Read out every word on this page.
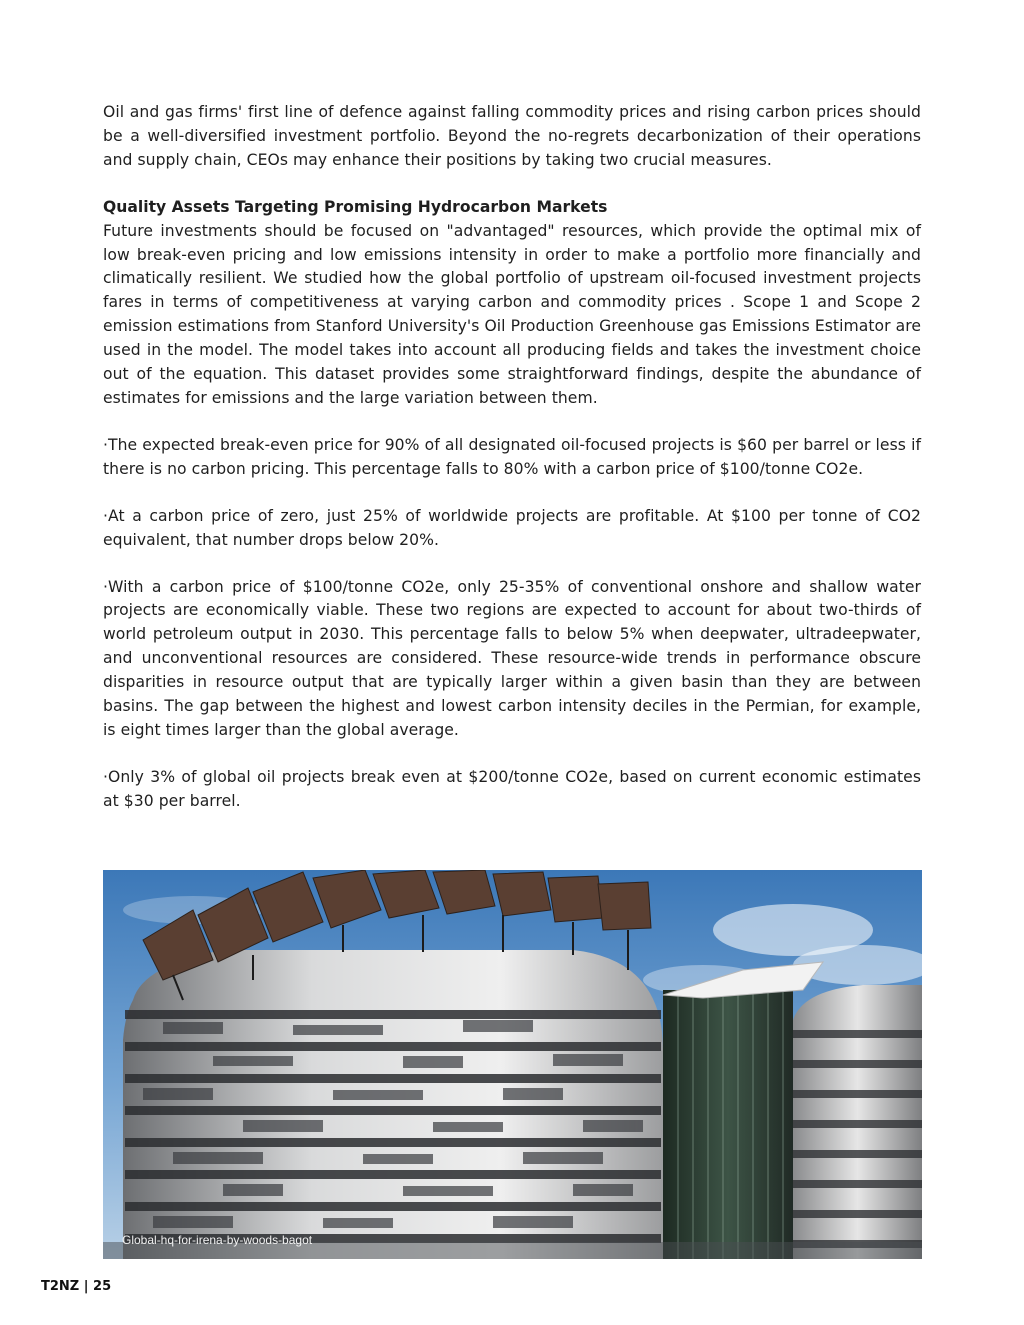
Oil and gas firms' first line of defence against falling commodity prices and rising carbon prices should be a well-diversified investment portfolio. Beyond the no-regrets decarbonization of their operations and supply chain, CEOs may enhance their positions by taking two crucial measures.

Quality Assets Targeting Promising Hydrocarbon Markets

Future investments should be focused on "advantaged" resources, which provide the optimal mix of low break-even pricing and low emissions intensity in order to make a portfolio more financially and climatically resilient. We studied how the global portfolio of upstream oil-focused investment projects fares in terms of competitiveness at varying carbon and commodity prices . Scope 1 and Scope 2 emission estimations from Stanford University's Oil Production Greenhouse gas Emissions Estimator are used in the model. The model takes into account all producing fields and takes the investment choice out of the equation. This dataset provides some straightforward findings, despite the abundance of estimates for emissions and the large variation between them.

·The expected break-even price for 90% of all designated oil-focused projects is $60 per barrel or less if there is no carbon pricing. This percentage falls to 80% with a carbon price of $100/tonne CO2e.

·At a carbon price of zero, just 25% of worldwide projects are profitable. At $100 per tonne of CO2 equivalent, that number drops below 20%.

·With a carbon price of $100/tonne CO2e, only 25-35% of conventional onshore and shallow water projects are economically viable. These two regions are expected to account for about two-thirds of world petroleum output in 2030. This percentage falls to below 5% when deepwater, ultradeepwater, and unconventional resources are considered. These resource-wide trends in performance obscure disparities in resource output that are typically larger within a given basin than they are between basins. The gap between the highest and lowest carbon intensity deciles in the Permian, for example, is eight times larger than the global average.

·Only 3% of global oil projects break even at $200/tonne CO2e, based on current economic estimates at $30 per barrel.

Global-hq-for-irena-by-woods-bagot
T2NZ | 25
